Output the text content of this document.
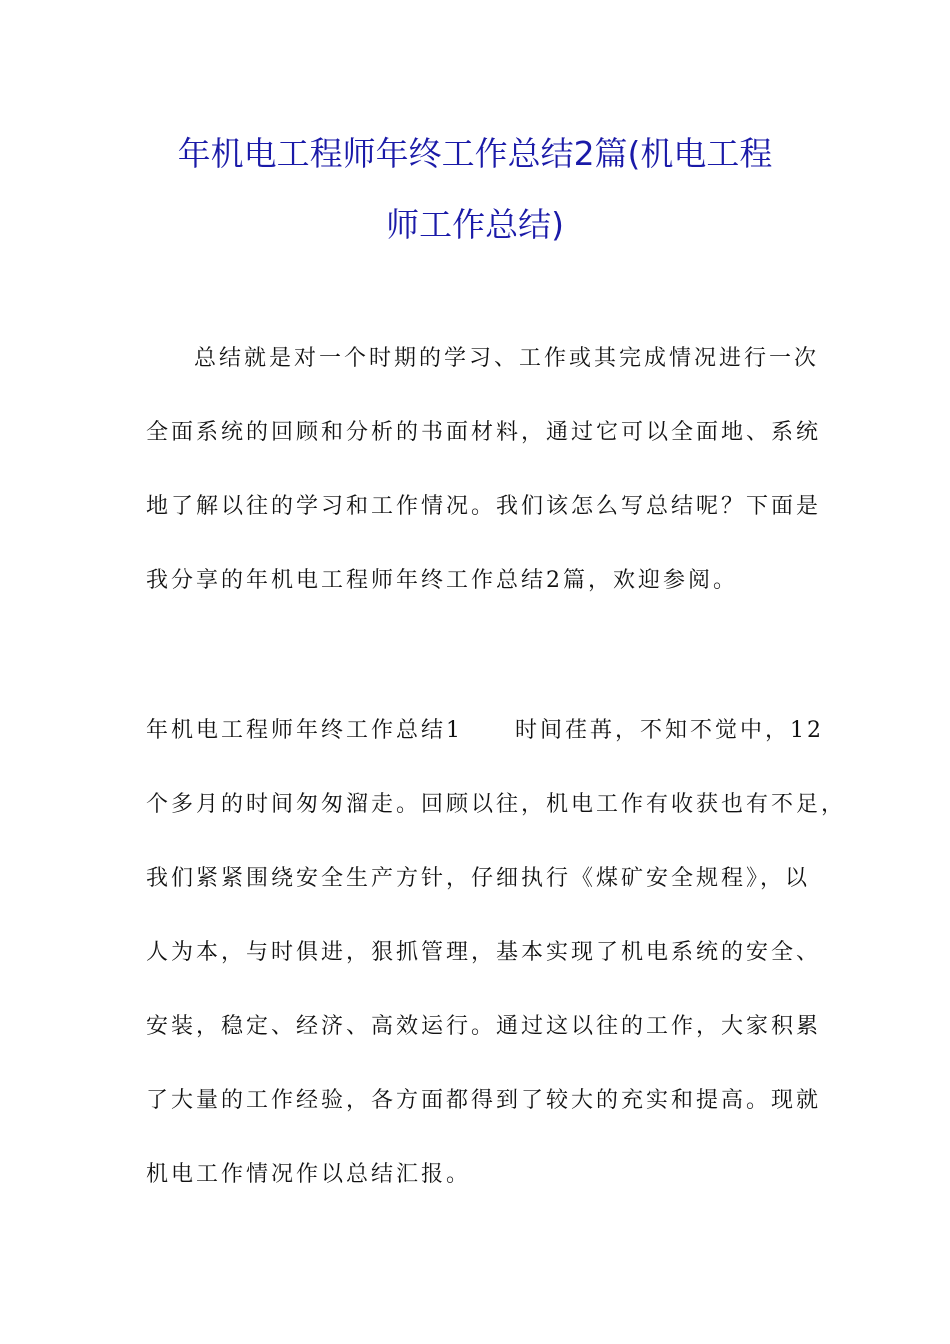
年机电工程师年终工作总结2篇(机电工程
师工作总结)
总结就是对一个时期的学习、工作或其完成情况进行一次
全面系统的回顾和分析的书面材料，通过它可以全面地、系统
地了解以往的学习和工作情况。我们该怎么写总结呢？下面是
我分享的年机电工程师年终工作总结2篇，欢迎参阅。
年机电工程师年终工作总结1 时间荏苒，不知不觉中，12
个多月的时间匆匆溜走。回顾以往，机电工作有收获也有不足，
我们紧紧围绕安全生产方针，仔细执行《煤矿安全规程》，以
人为本，与时俱进，狠抓管理，基本实现了机电系统的安全、
安装，稳定、经济、高效运行。通过这以往的工作，大家积累
了大量的工作经验，各方面都得到了较大的充实和提高。现就
机电工作情况作以总结汇报。
